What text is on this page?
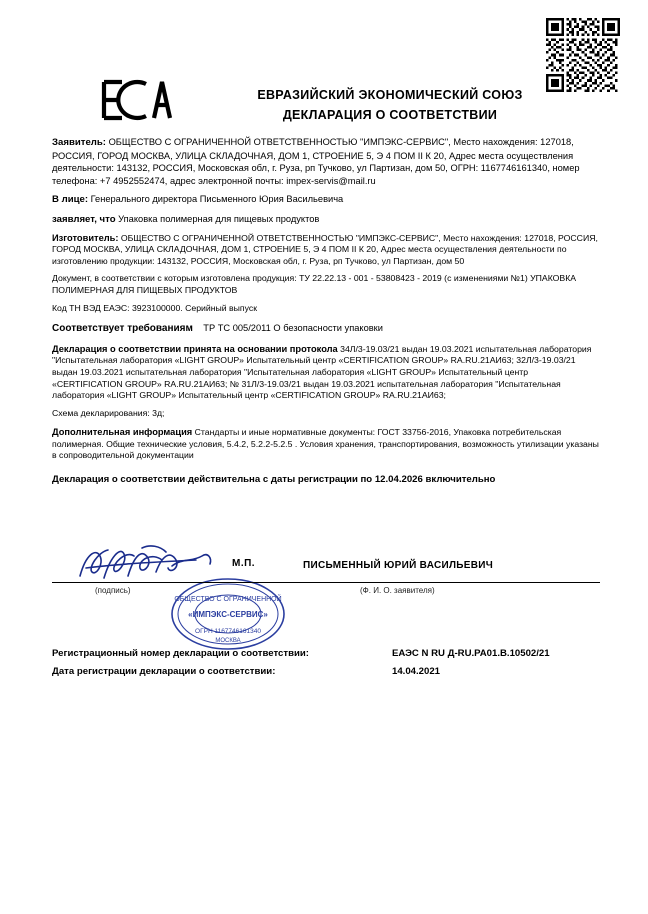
ЕВРАЗИЙСКИЙ ЭКОНОМИЧЕСКИЙ СОЮЗ
ДЕКЛАРАЦИЯ О СООТВЕТСТВИИ
Заявитель: ОБЩЕСТВО С ОГРАНИЧЕННОЙ ОТВЕТСТВЕННОСТЬЮ "ИМПЭКС-СЕРВИС", Место нахождения: 127018, РОССИЯ, ГОРОД МОСКВА, УЛИЦА СКЛАДОЧНАЯ, ДОМ 1, СТРОЕНИЕ 5, Э 4 ПОМ II К 20, Адрес места осуществления деятельности: 143132, РОССИЯ, Московская обл, г. Руза, рп Тучково, ул Партизан, дом 50, ОГРН: 1167746161340, номер телефона: +7 4952552474, адрес электронной почты: impex-servis@mail.ru
В лице: Генерального директора Письменного Юрия Васильевича
заявляет, что Упаковка полимерная для пищевых продуктов
Изготовитель: ОБЩЕСТВО С ОГРАНИЧЕННОЙ ОТВЕТСТВЕННОСТЬЮ "ИМПЭКС-СЕРВИС", Место нахождения: 127018, РОССИЯ, ГОРОД МОСКВА, УЛИЦА СКЛАДОЧНАЯ, ДОМ 1, СТРОЕНИЕ 5, Э 4 ПОМ II К 20, Адрес места осуществления деятельности по изготовлению продукции: 143132, РОССИЯ, Московская обл, г. Руза, рп Тучково, ул Партизан, дом 50
Документ, в соответствии с которым изготовлена продукция: ТУ 22.22.13 - 001 - 53808423 - 2019 (с изменениями №1) УПАКОВКА ПОЛИМЕРНАЯ ДЛЯ ПИЩЕВЫХ ПРОДУКТОВ
Код ТН ВЭД ЕАЭС: 3923100000. Серийный выпуск
Соответствует требованиям ТР ТС 005/2011 О безопасности упаковки
Декларация о соответствии принята на основании протокола 34Л/3-19.03/21 выдан 19.03.2021 испытательная лаборатория "Испытательная лаборатория «LIGHT GROUP» Испытательный центр «CERTIFICATION GROUP» RA.RU.21АИ63; 32Л/3-19.03/21 выдан 19.03.2021 испытательная лаборатория "Испытательная лаборатория «LIGHT GROUP» Испытательный центр «CERTIFICATION GROUP» RA.RU.21АИ63; № 31Л/3-19.03/21 выдан 19.03.2021 испытательная лаборатория "Испытательная лаборатория «LIGHT GROUP» Испытательный центр «CERTIFICATION GROUP» RA.RU.21АИ63;
Схема декларирования: 3д;
Дополнительная информация Стандарты и иные нормативные документы: ГОСТ 33756-2016, Упаковка потребительская полимерная. Общие технические условия, 5.4.2, 5.2.2-5.2.5 . Условия хранения, транспортирования, возможность утилизации указаны в сопроводительной документации
Декларация о соответствии действительна с даты регистрации по 12.04.2026 включительно
ОБЩЕСТВО С ОГРАНИЧЕННОЙ
«ИМПЭКС-СЕРВИС»
ОГРН 1167746161340
МОСКВА
М.П.	ПИСЬМЕННЫЙ ЮРИЙ ВАСИЛЬЕВИЧ
(подпись)	(Ф. И. О. заявителя)
Регистрационный номер декларации о соответствии:	ЕАЭС N RU Д-RU.РА01.В.10502/21
Дата регистрации декларации о соответствии:	14.04.2021
